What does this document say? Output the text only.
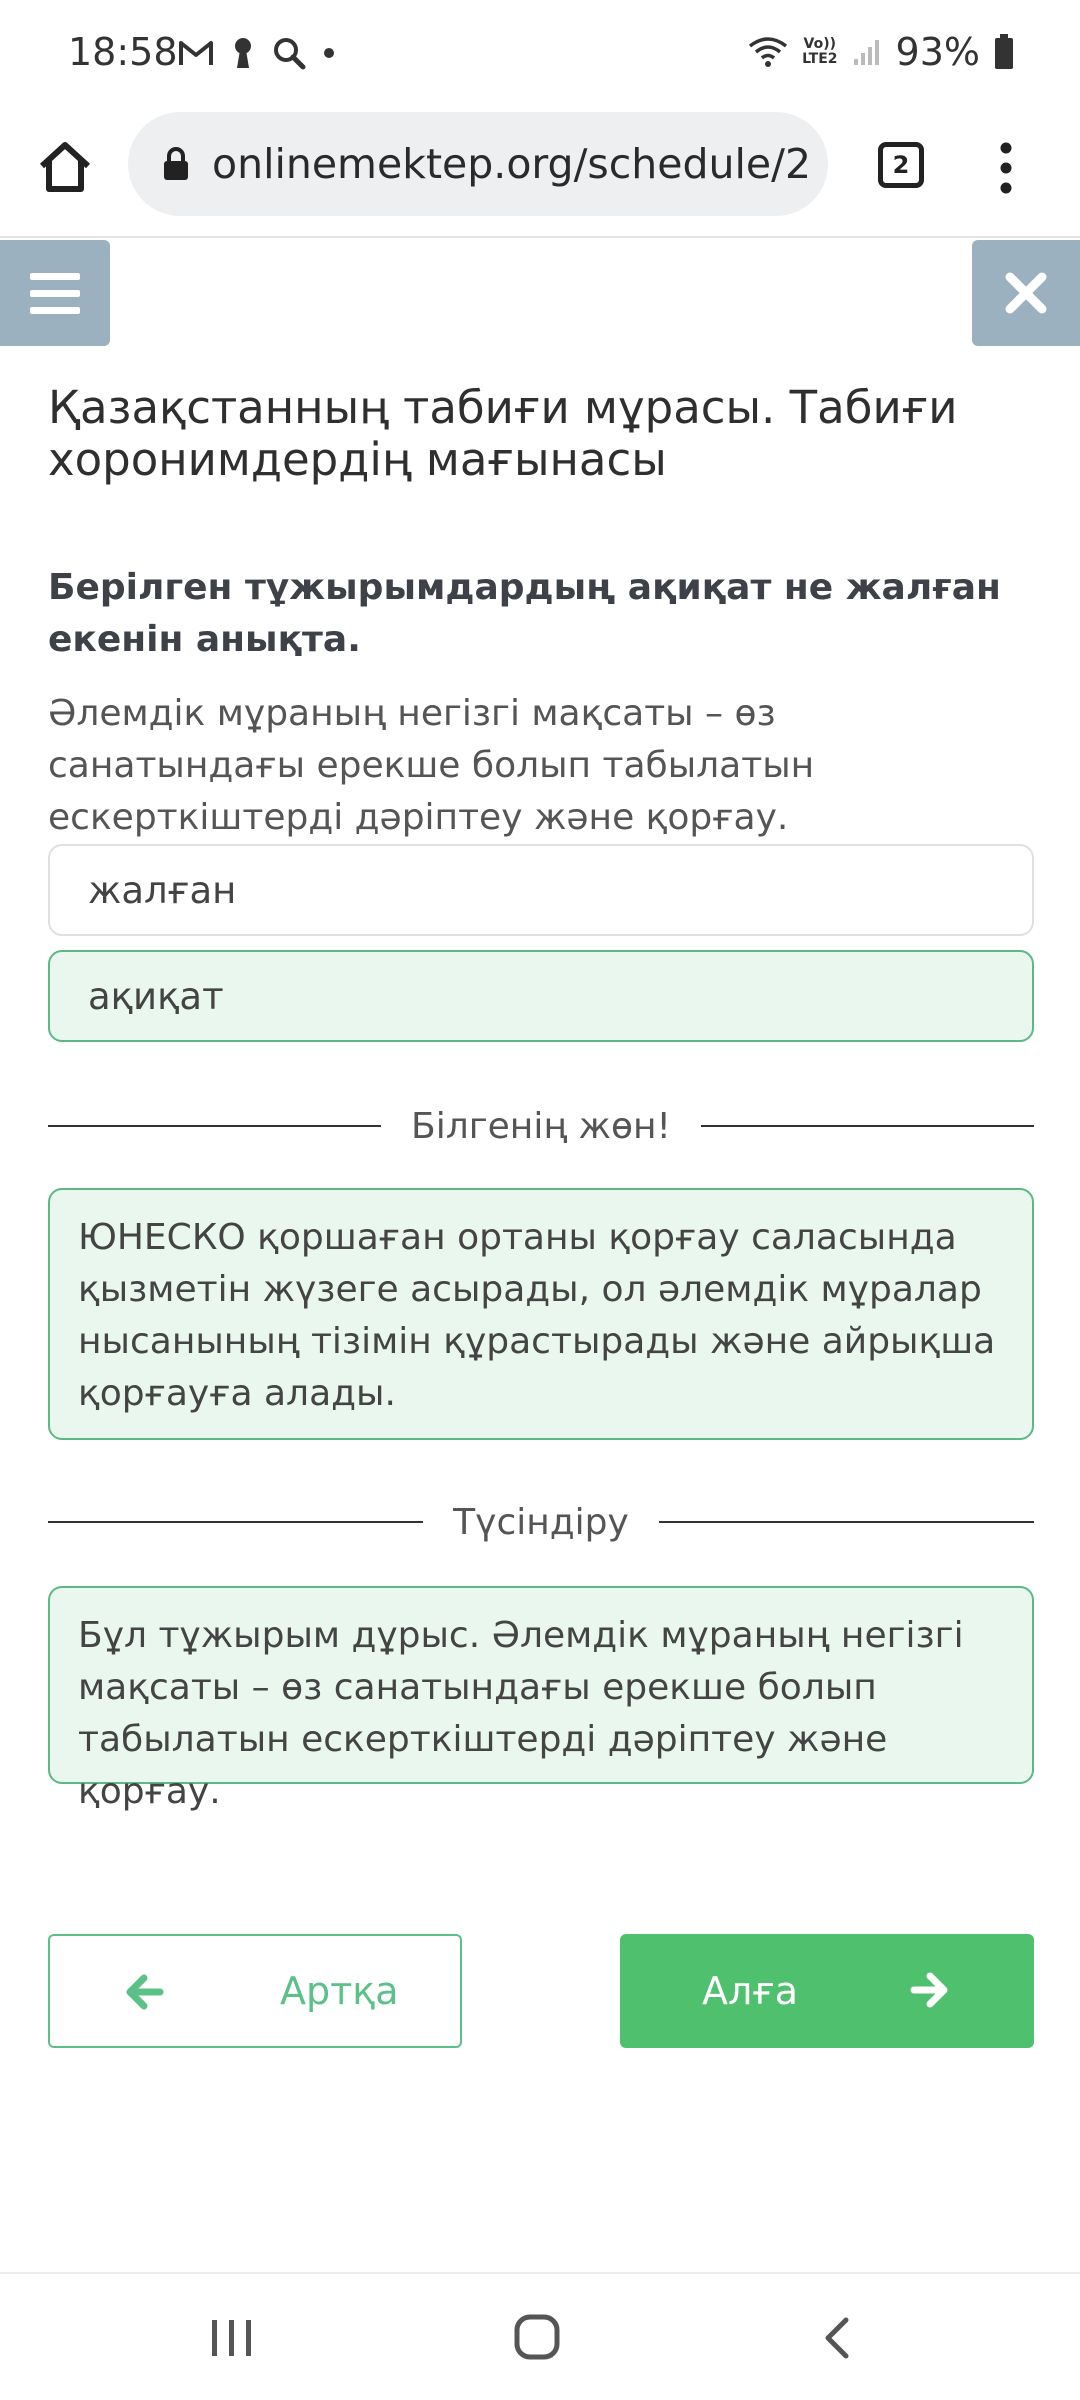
18:58	Vo))
LTE2 93%
onlinemektep.org/schedule/2	2
Қазақстанның табиғи мұрасы. Табиғи хоронимдердің мағынасы
Берілген тұжырымдардың ақиқат не жалған екенін анықта.
Әлемдік мұраның негізгі мақсаты – өз санатындағы ерекше болып табылатын ескерткіштерді дәріптеу және қорғау.
жалған
ақиқат
Білгенің жөн!
ЮНЕСКО қоршаған ортаны қорғау саласында қызметін жүзеге асырады, ол әлемдік мұралар нысанының тізімін құрастырады және айрықша қорғауға алады.
Түсіндіру
Бұл тұжырым дұрыс. Әлемдік мұраның негізгі мақсаты – өз санатындағы ерекше болып табылатын ескерткіштерді дәріптеу және қорғау.
Артқа	Алға
